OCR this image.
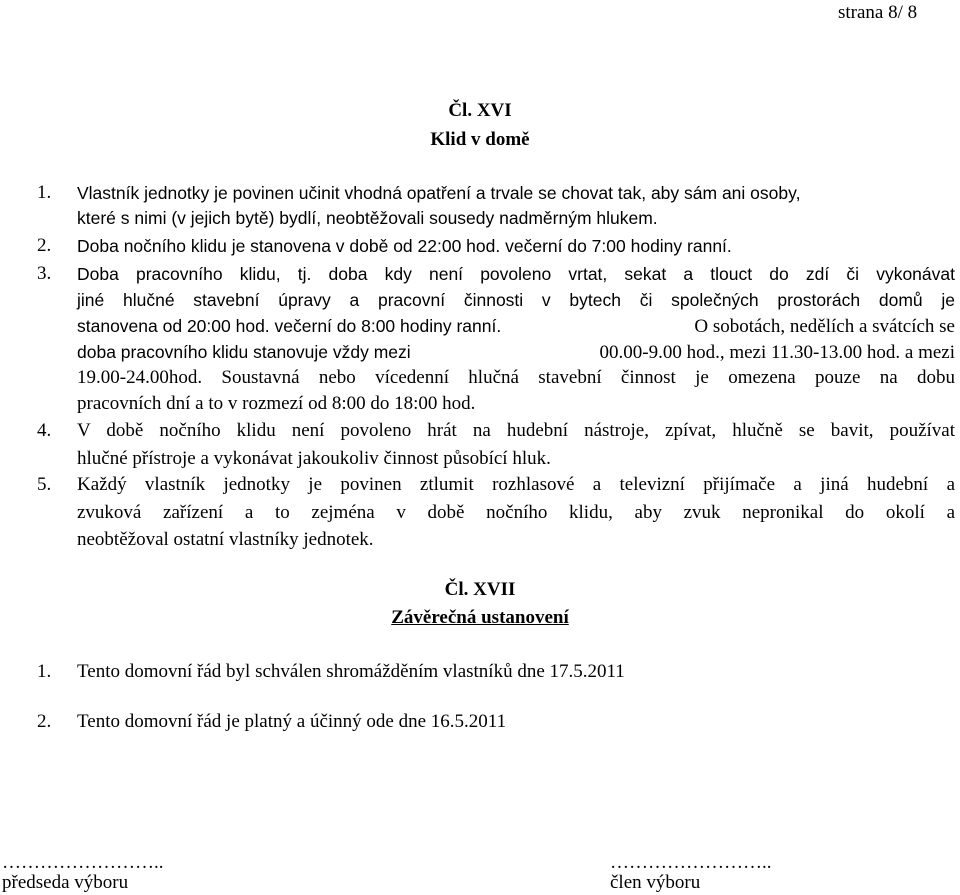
strana 8/ 8
Čl. XVI
Klid v domě
1. Vlastník jednotky je povinen učinit vhodná opatření a trvale se chovat tak, aby sám ani osoby,
které s nimi (v jejich bytě) bydlí, neobtěžovali sousedy nadměrným hlukem.
2. Doba nočního klidu je stanovena v době od 22:00 hod. večerní do 7:00 hodiny ranní.
3. Doba pracovního klidu, tj. doba kdy není povoleno vrtat, sekat a tlouct do zdí či vykonávat
jiné hlučné stavební úpravy a pracovní činnosti v bytech či společných prostorách domů je
stanovena od 20:00 hod. večerní do 8:00 hodiny ranní.	O sobotách, nedělích a svátcích se
doba pracovního klidu stanovuje vždy mezi	00.00-9.00 hod., mezi 11.30-13.00 hod. a mezi
19.00-24.00hod. Soustavná nebo vícedenní hlučná stavební činnost je omezena pouze na dobu
pracovních dní a to v rozmezí od 8:00 do 18:00 hod.
4. V době nočního klidu není povoleno hrát na hudební nástroje, zpívat, hlučně se bavit, používat
hlučné přístroje a vykonávat jakoukoliv činnost působící hluk.
5. Každý vlastník jednotky je povinen ztlumit rozhlasové a televizní přijímače a jiná hudební a
zvuková zařízení a to zejména v době nočního klidu, aby zvuk nepronikal do okolí a
neobtěžoval ostatní vlastníky jednotek.
Čl. XVII
Závěrečná ustanovení
1. Tento domovní řád byl schválen shromážděním vlastníků dne 17.5.2011
2. Tento domovní řád je platný a účinný ode dne 16.5.2011
……………………..
předseda výboru
……………………..
člen výboru
